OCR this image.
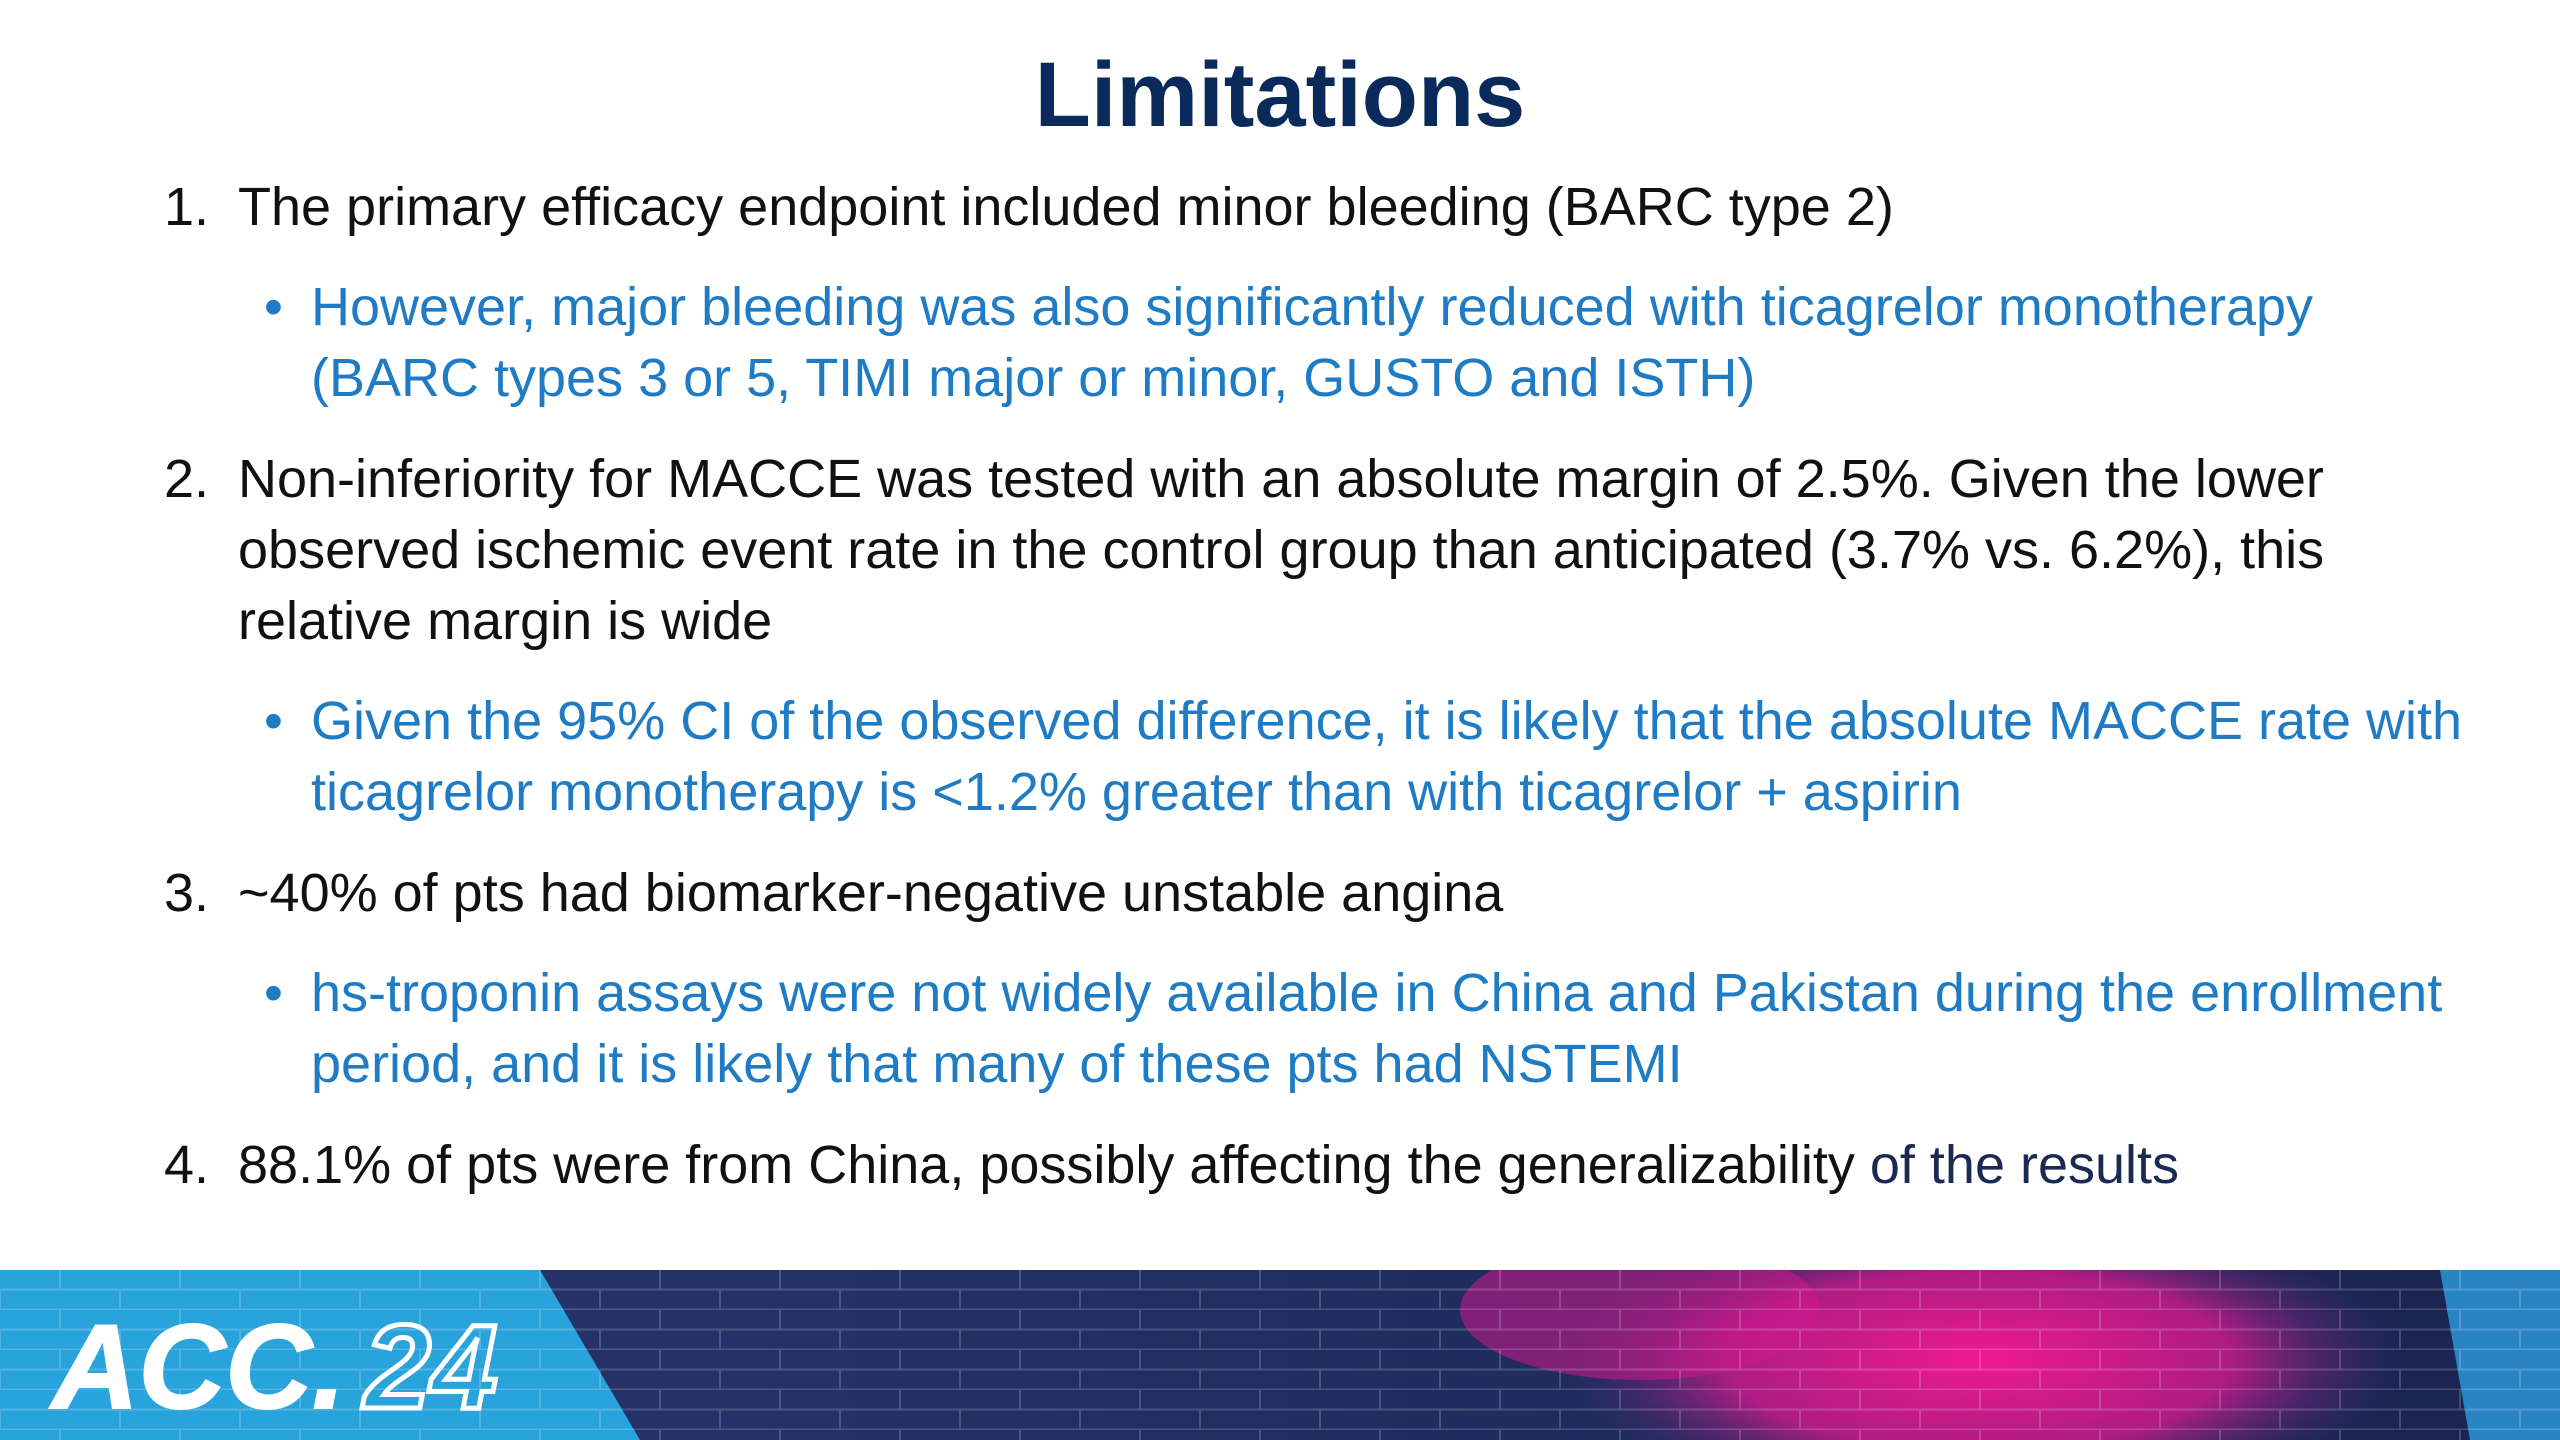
Limitations
1. The primary efficacy endpoint included minor bleeding (BARC type 2)
• However, major bleeding was also significantly reduced with ticagrelor monotherapy (BARC types 3 or 5, TIMI major or minor, GUSTO and ISTH)
2. Non-inferiority for MACCE was tested with an absolute margin of 2.5%. Given the lower observed ischemic event rate in the control group than anticipated (3.7% vs. 6.2%), this relative margin is wide
• Given the 95% CI of the observed difference, it is likely that the absolute MACCE rate with ticagrelor monotherapy is <1.2% greater than with ticagrelor + aspirin
3. ~40% of pts had biomarker-negative unstable angina
• hs-troponin assays were not widely available in China and Pakistan during the enrollment period, and it is likely that many of these pts had NSTEMI
4. 88.1% of pts were from China, possibly affecting the generalizability of the results
ACC. 24
